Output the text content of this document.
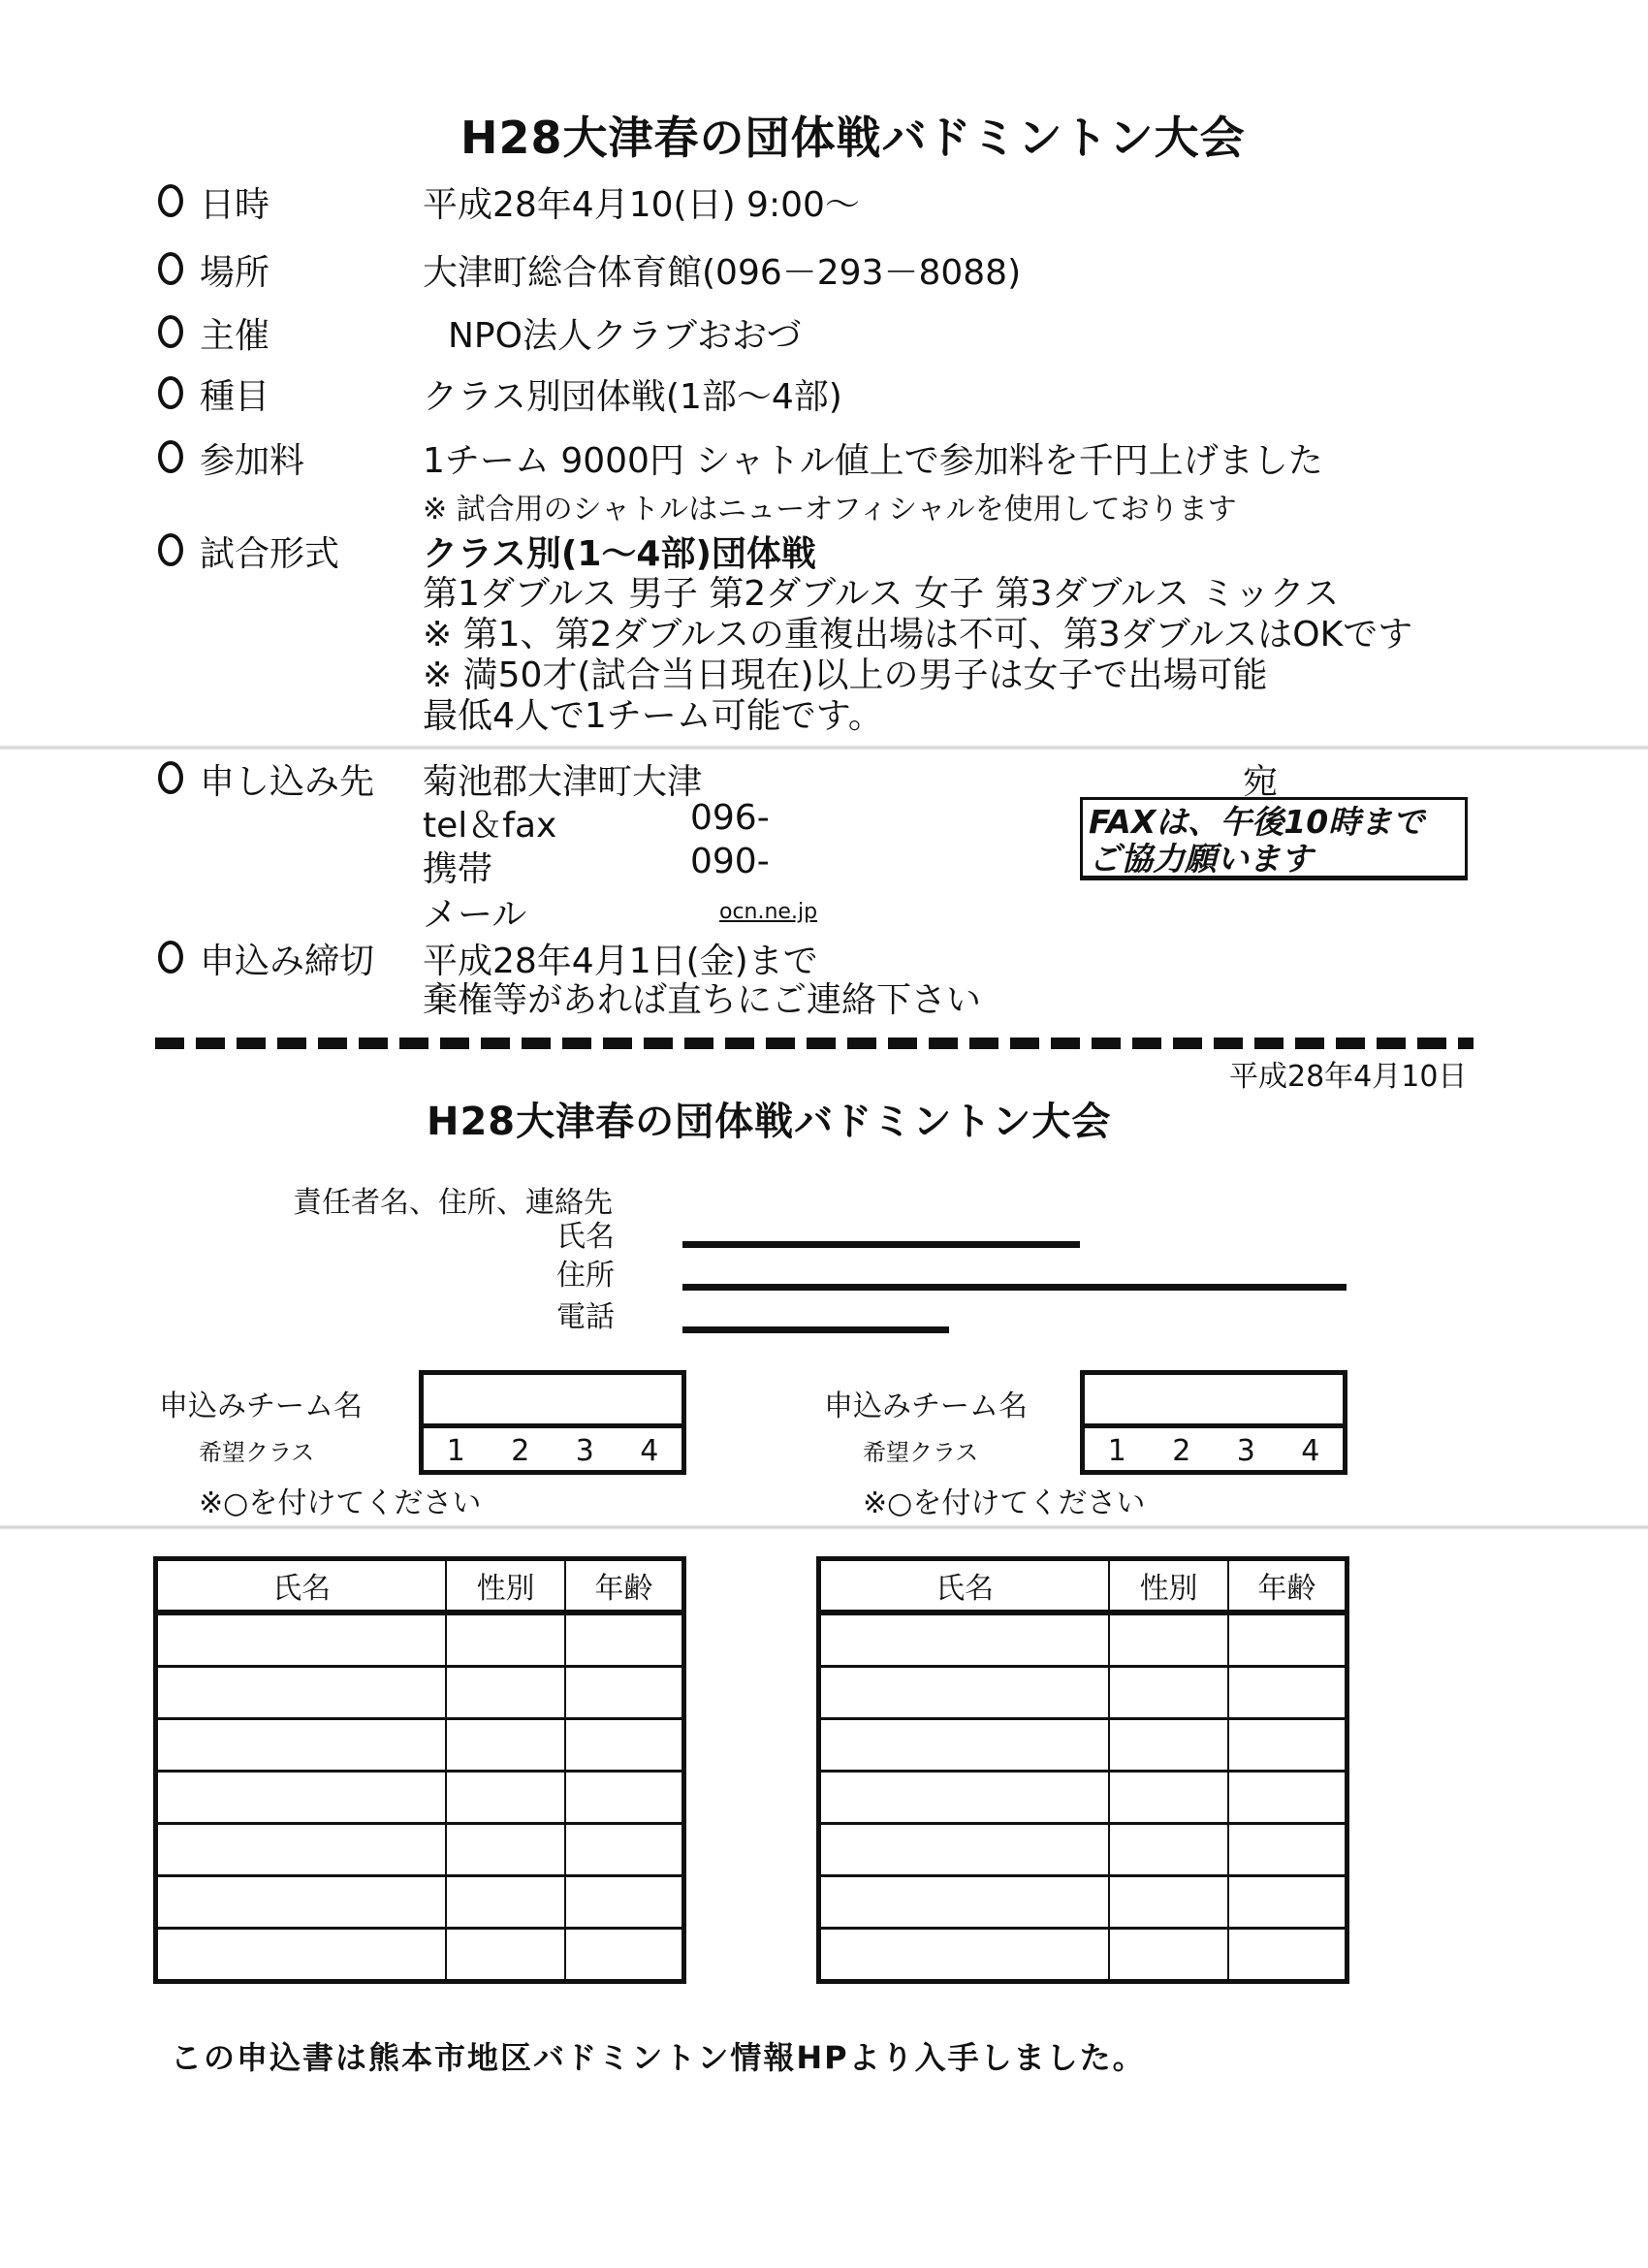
H28大津春の団体戦バドミントン大会
日時	平成28年4月10(日) 9:00～
場所	大津町総合体育館(096－293－8088)
主催	NPO法人クラブおおづ
種目	クラス別団体戦(1部～4部)
参加料	1チーム 9000円 シャトル値上で参加料を千円上げました
※ 試合用のシャトルはニューオフィシャルを使用しております
試合形式 クラス別(1～4部)団体戦
第1ダブルス 男子 第2ダブルス 女子 第3ダブルス ミックス
※ 第1、第2ダブルスの重複出場は不可、第3ダブルスはOKです
※ 満50才(試合当日現在)以上の男子は女子で出場可能
最低4人で1チーム可能です。
申し込み先 菊池郡大津町大津	宛
tel＆fax	096-
携帯	090-
メール	ocn.ne.jp
FAXは、午後10時まで
ご協力願います
申込み締切 平成28年4月1日(金)まで
棄権等があれば直ちにご連絡下さい
平成28年4月10日
H28大津春の団体戦バドミントン大会
責任者名、住所、連絡先
氏名
住所
電話
申込みチーム名
希望クラス	1 2 3 4
※○を付けてください
申込みチーム名
希望クラス	1 2 3 4
※○を付けてください
氏名	性別	年齢

			氏名	性別	年齢

この申込書は熊本市地区バドミントン情報HPより入手しました。
